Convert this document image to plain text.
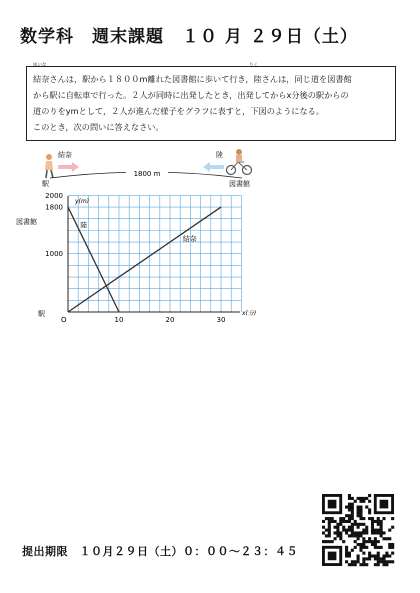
数学科　週末課題　１０ 月 ２９日（土）
ゆいな	りく
結奈さんは，駅から１８００m離れた図書館に歩いて行き，陸さんは，同じ道を図書館
から駅に自転車で行った。２人が同時に出発したとき，出発してからx分後の駅からの
道のりをymとして，２人が進んだ様子をグラフに表すと，下図のようになる。
このとき，次の問いに答えなさい。
結奈
駅
陸
図書館
1800 m
10	20	30
1000
1800
2000
陸
結奈
y(m)
x(分)
O
図書館
駅
提出期限　１０月２９日（土）０：００～２３：４５
